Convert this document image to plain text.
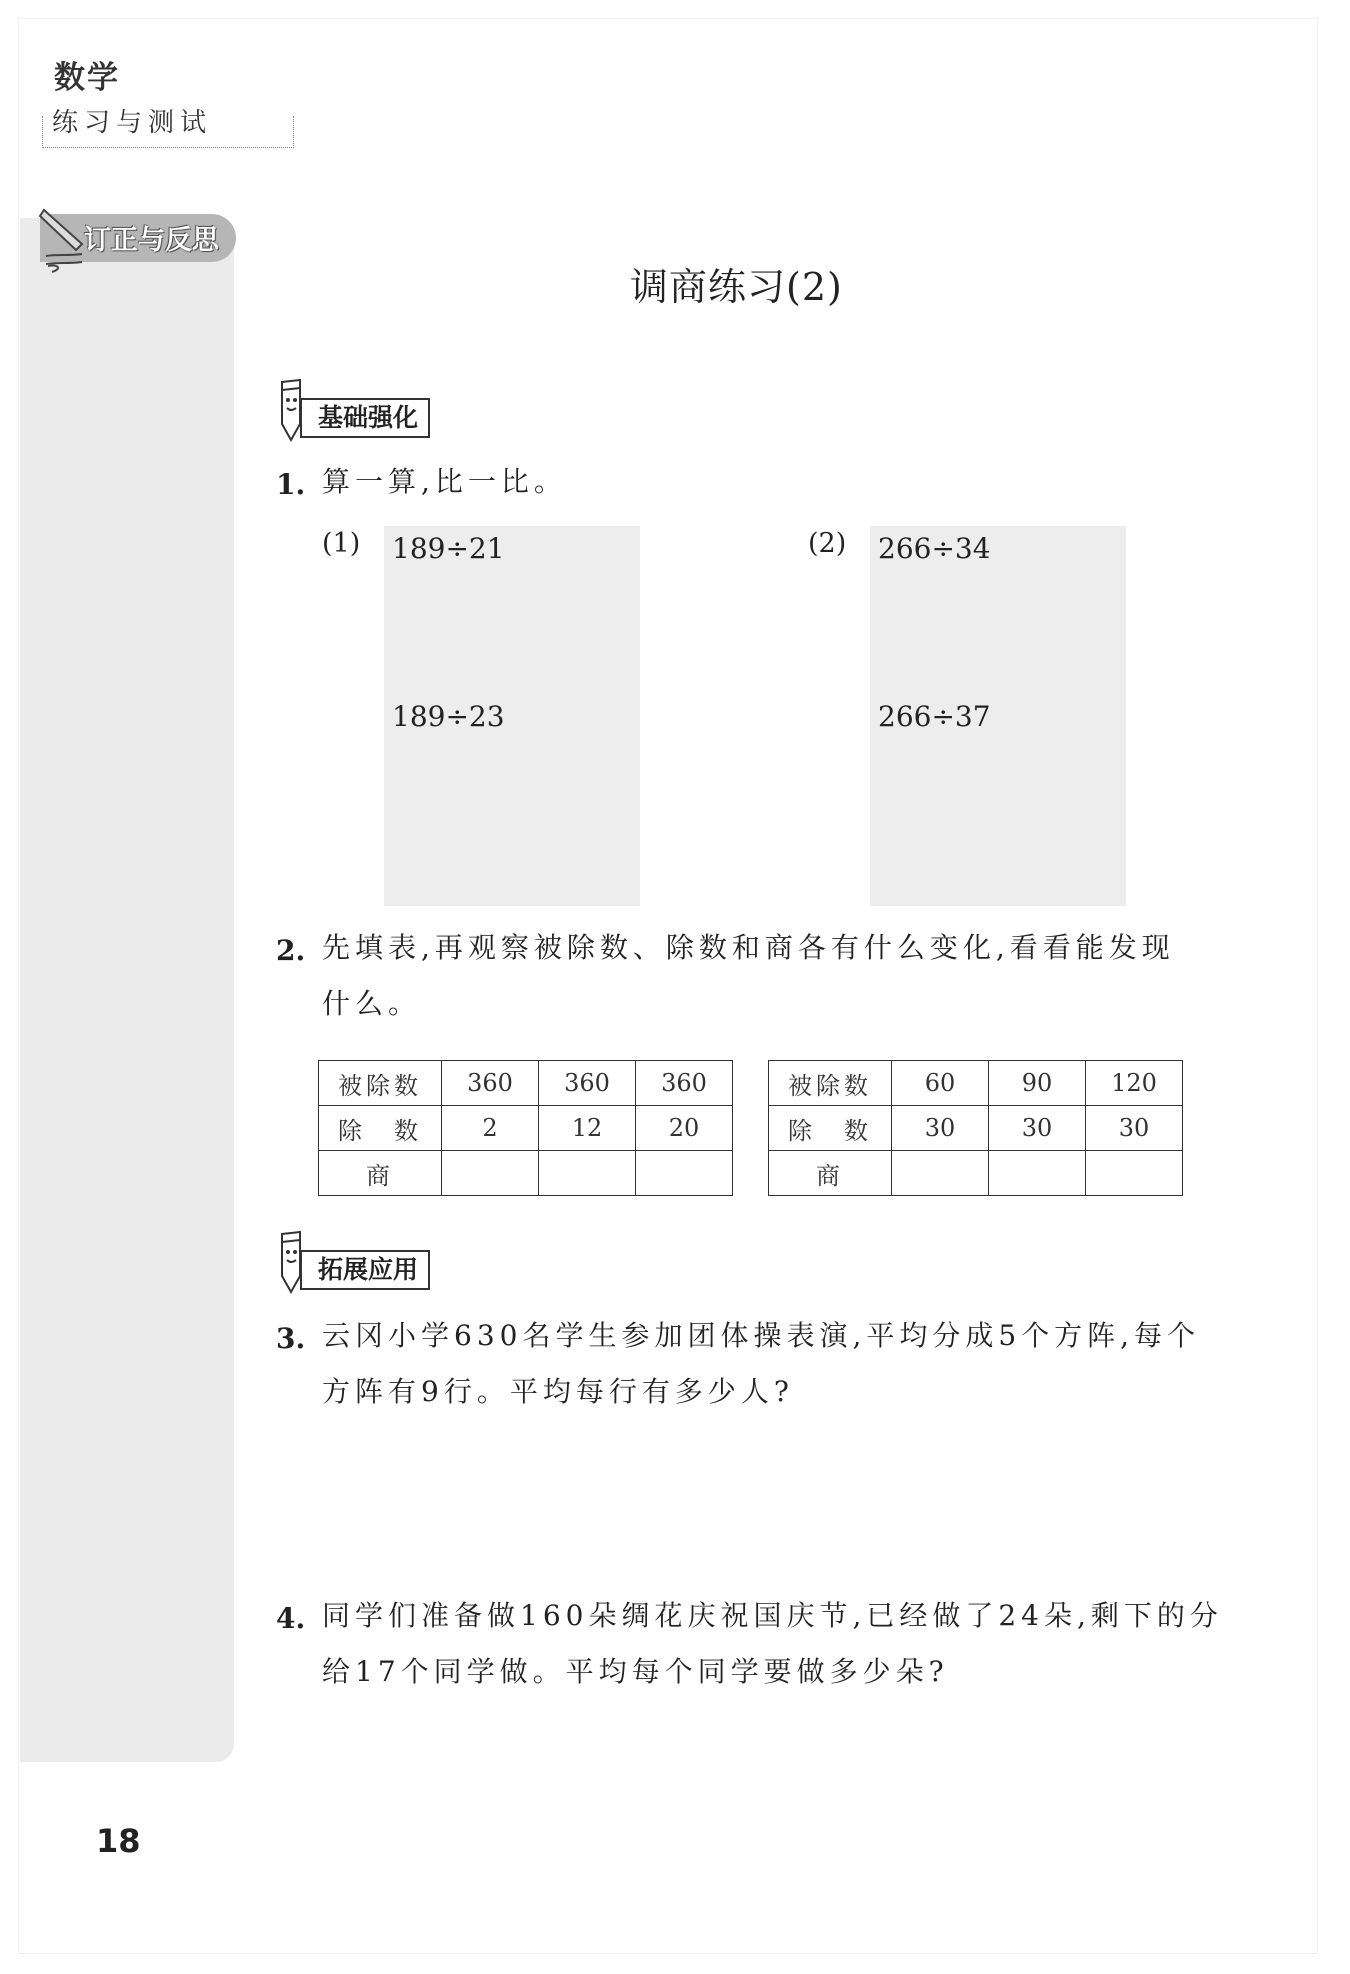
数学
练习与测试
订正与反思
调商练习(2)
基础强化
1. 算一算,比一比。
(1) 189÷21
189÷23
(2) 266÷34
266÷37
2. 先填表,再观察被除数、除数和商各有什么变化,看看能发现
什么。
被除数	360	360	360
除　数	2	12	20
商			
被除数	60	90	120
除　数	30	30	30
商			
拓展应用
3. 云冈小学630名学生参加团体操表演,平均分成5个方阵,每个
方阵有9行。平均每行有多少人?
4. 同学们准备做160朵绸花庆祝国庆节,已经做了24朵,剩下的分
给17个同学做。平均每个同学要做多少朵?
18
